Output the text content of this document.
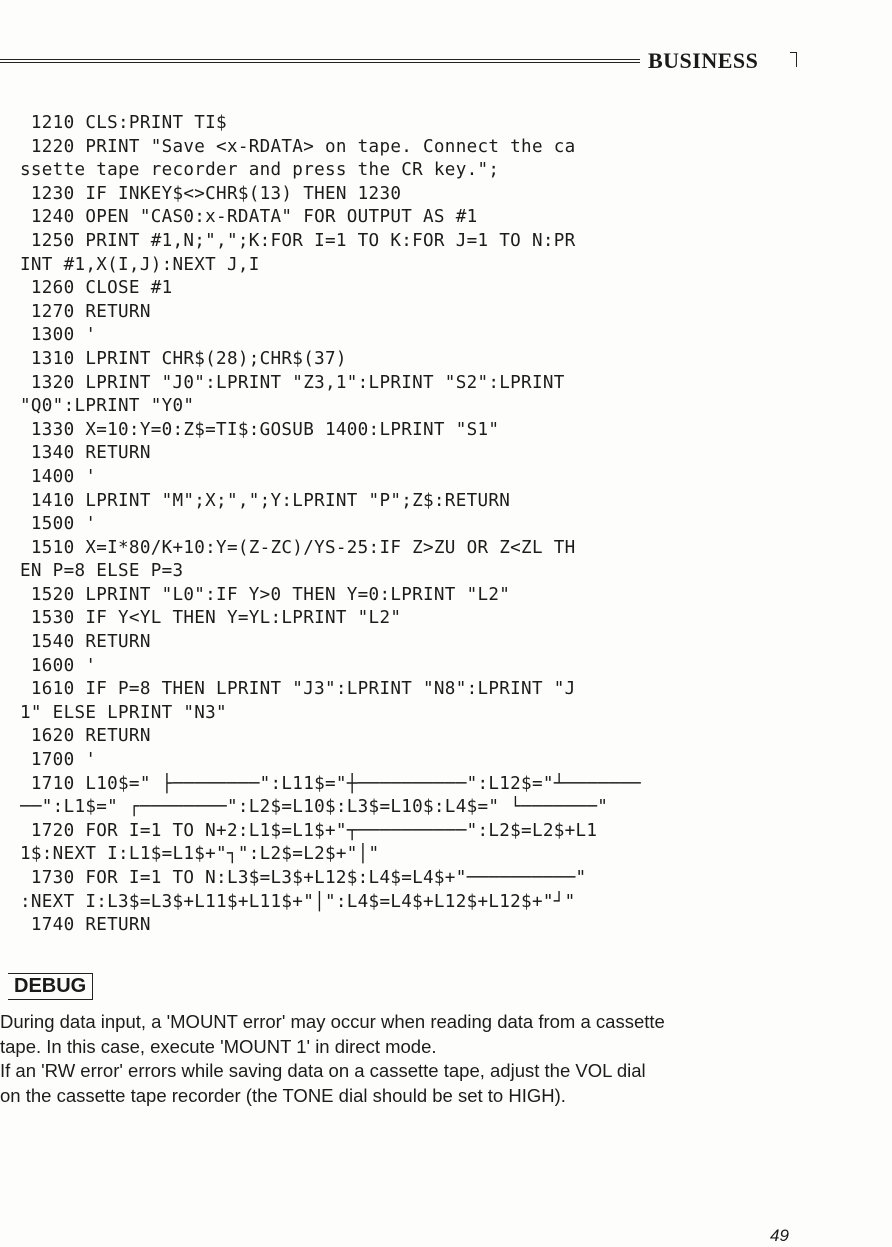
BUSINESS
1210 CLS:PRINT TI$
1220 PRINT "Save <x-RDATA> on tape. Connect the ca
ssette tape recorder and press the CR key.";
1230 IF INKEY$<>CHR$(13) THEN 1230
1240 OPEN "CAS0:x-RDATA" FOR OUTPUT AS #1
1250 PRINT #1,N;",";K:FOR I=1 TO K:FOR J=1 TO N:PR
INT #1,X(I,J):NEXT J,I
1260 CLOSE #1
1270 RETURN
1300 '
1310 LPRINT CHR$(28);CHR$(37)
1320 LPRINT "J0":LPRINT "Z3,1":LPRINT "S2":LPRINT
"Q0":LPRINT "Y0"
1330 X=10:Y=0:Z$=TI$:GOSUB 1400:LPRINT "S1"
1340 RETURN
1400 '
1410 LPRINT "M";X;",";Y:LPRINT "P";Z$:RETURN
1500 '
1510 X=I*80/K+10:Y=(Z-ZC)/YS-25:IF Z>ZU OR Z<ZL TH
EN P=8 ELSE P=3
1520 LPRINT "L0":IF Y>0 THEN Y=0:LPRINT "L2"
1530 IF Y<YL THEN Y=YL:LPRINT "L2"
1540 RETURN
1600 '
1610 IF P=8 THEN LPRINT "J3":LPRINT "N8":LPRINT "J
1" ELSE LPRINT "N3"
1620 RETURN
1700 '
1710 L10$=" ├────────":L11$="┼──────────":L12$="┴───────
──":L1$=" ┌────────":L2$=L10$:L3$=L10$:L4$=" └───────"
1720 FOR I=1 TO N+2:L1$=L1$+"┬──────────":L2$=L2$+L1
1$:NEXT I:L1$=L1$+"┐":L2$=L2$+"│"
1730 FOR I=1 TO N:L3$=L3$+L12$:L4$=L4$+"──────────"
:NEXT I:L3$=L3$+L11$+L11$+"│":L4$=L4$+L12$+L12$+"┘"
1740 RETURN
DEBUG
During data input, a 'MOUNT error' may occur when reading data from a cassette
tape. In this case, execute 'MOUNT 1' in direct mode.
If an 'RW error' errors while saving data on a cassette tape, adjust the VOL dial
on the cassette tape recorder (the TONE dial should be set to HIGH).
49
